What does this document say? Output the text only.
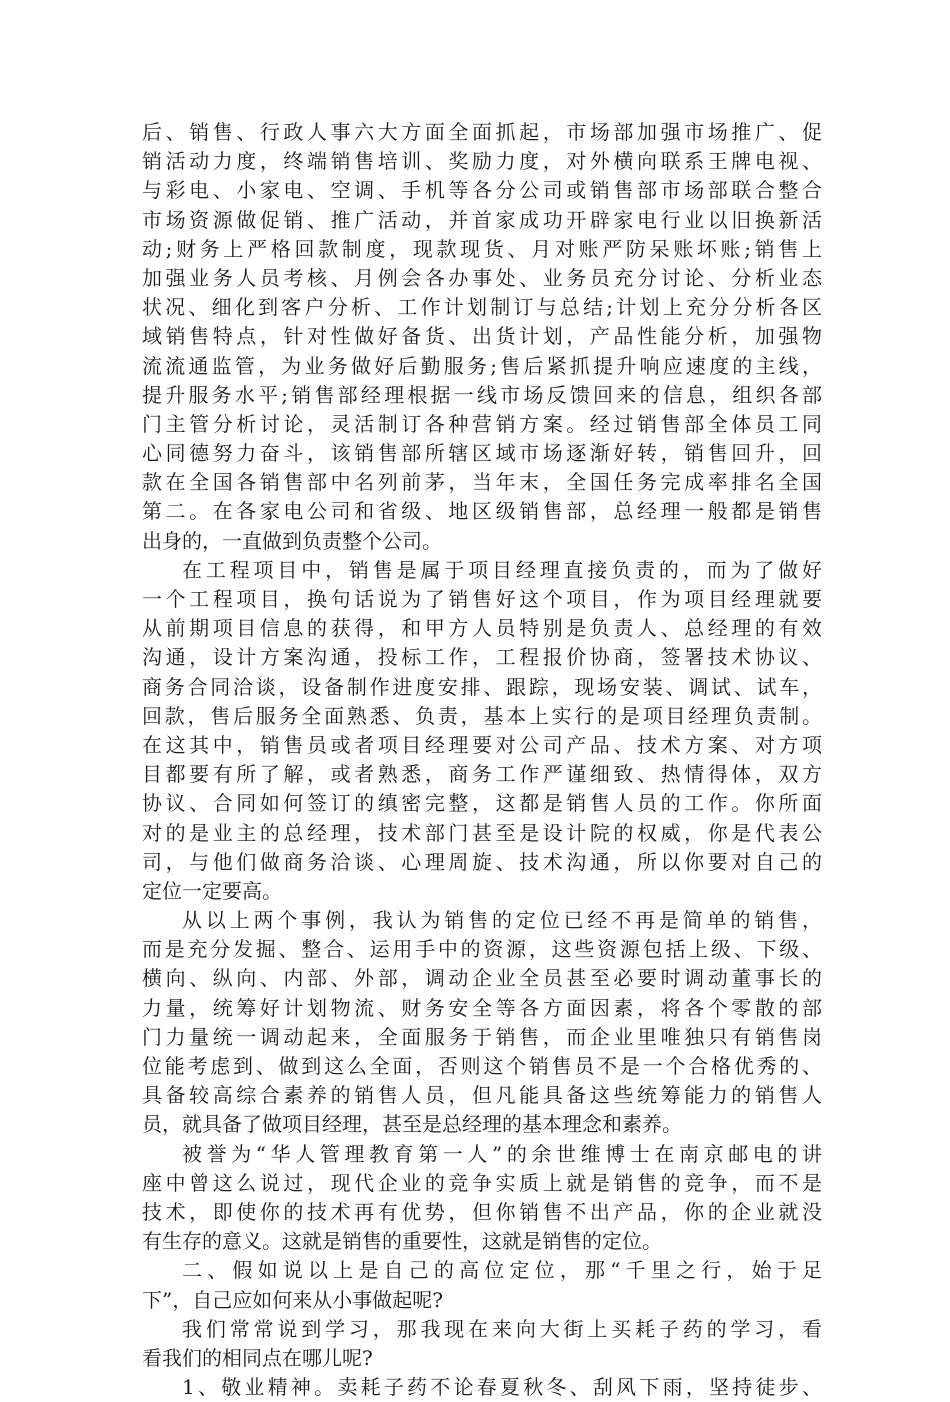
后、销售、行政人事六大方面全面抓起，市场部加强市场推广、促
销活动力度，终端销售培训、奖励力度，对外横向联系王牌电视、
与彩电、小家电、空调、手机等各分公司或销售部市场部联合整合
市场资源做促销、推广活动，并首家成功开辟家电行业以旧换新活
动;财务上严格回款制度，现款现货、月对账严防呆账坏账;销售上
加强业务人员考核、月例会各办事处、业务员充分讨论、分析业态
状况、细化到客户分析、工作计划制订与总结;计划上充分分析各区
域销售特点，针对性做好备货、出货计划，产品性能分析，加强物
流流通监管，为业务做好后勤服务;售后紧抓提升响应速度的主线，
提升服务水平;销售部经理根据一线市场反馈回来的信息，组织各部
门主管分析讨论，灵活制订各种营销方案。经过销售部全体员工同
心同德努力奋斗，该销售部所辖区域市场逐渐好转，销售回升，回
款在全国各销售部中名列前茅，当年末，全国任务完成率排名全国
第二。在各家电公司和省级、地区级销售部，总经理一般都是销售
出身的，一直做到负责整个公司。
在工程项目中，销售是属于项目经理直接负责的，而为了做好
一个工程项目，换句话说为了销售好这个项目，作为项目经理就要
从前期项目信息的获得，和甲方人员特别是负责人、总经理的有效
沟通，设计方案沟通，投标工作，工程报价协商，签署技术协议、
商务合同洽谈，设备制作进度安排、跟踪，现场安装、调试、试车，
回款，售后服务全面熟悉、负责，基本上实行的是项目经理负责制。
在这其中，销售员或者项目经理要对公司产品、技术方案、对方项
目都要有所了解，或者熟悉，商务工作严谨细致、热情得体，双方
协议、合同如何签订的缜密完整，这都是销售人员的工作。你所面
对的是业主的总经理，技术部门甚至是设计院的权威，你是代表公
司，与他们做商务洽谈、心理周旋、技术沟通，所以你要对自己的
定位一定要高。
从以上两个事例，我认为销售的定位已经不再是简单的销售，
而是充分发掘、整合、运用手中的资源，这些资源包括上级、下级、
横向、纵向、内部、外部，调动企业全员甚至必要时调动董事长的
力量，统筹好计划物流、财务安全等各方面因素，将各个零散的部
门力量统一调动起来，全面服务于销售，而企业里唯独只有销售岗
位能考虑到、做到这么全面，否则这个销售员不是一个合格优秀的、
具备较高综合素养的销售人员，但凡能具备这些统筹能力的销售人
员，就具备了做项目经理，甚至是总经理的基本理念和素养。
被誉为“华人管理教育第一人”的余世维博士在南京邮电的讲
座中曾这么说过，现代企业的竞争实质上就是销售的竞争，而不是
技术，即使你的技术再有优势，但你销售不出产品，你的企业就没
有生存的意义。这就是销售的重要性，这就是销售的定位。
二、假如说以上是自己的高位定位，那“千里之行，始于足
下”，自己应如何来从小事做起呢?
我们常常说到学习，那我现在来向大街上买耗子药的学习，看
看我们的相同点在哪儿呢?
1、敬业精神。卖耗子药不论春夏秋冬、刮风下雨，坚持徒步、
